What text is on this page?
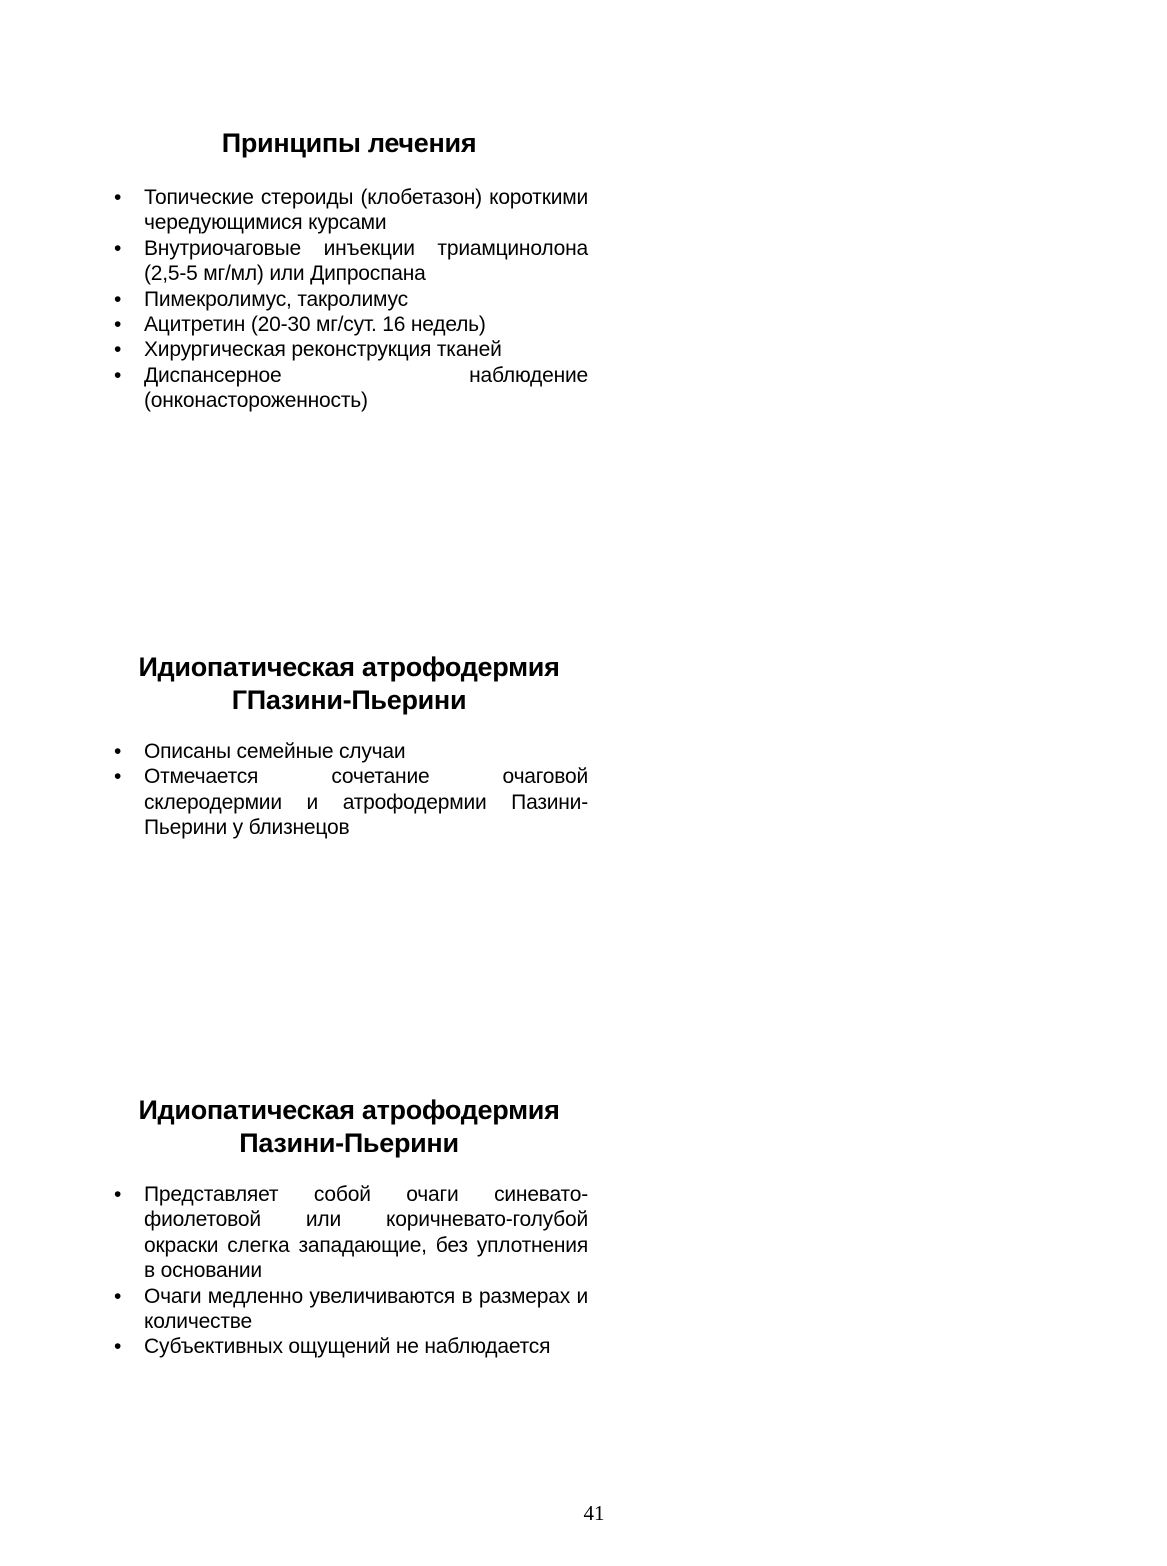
Принципы лечения
• Топические стероиды (клобетазон) короткими чередующимися курсами
• Внутриочаговые инъекции триамцинолона (2,5-5 мг/мл) или Дипроспана
• Пимекролимус, такролимус
• Ацитретин (20-30 мг/сут. 16 недель)
• Хирургическая реконструкция тканей
• Диспансерное наблюдение (онконастороженность)
Идиопатическая атрофодермия
ГПазини-Пьерини
• Описаны семейные случаи
• Отмечается сочетание очаговой склеродермии и атрофодермии Пазини-Пьерини у близнецов
Идиопатическая атрофодермия
Пазини-Пьерини
• Представляет собой очаги синевато-фиолетовой или коричневато-голубой окраски слегка западающие, без уплотнения в основании
• Очаги медленно увеличиваются в размерах и количестве
• Субъективных ощущений не наблюдается
41
